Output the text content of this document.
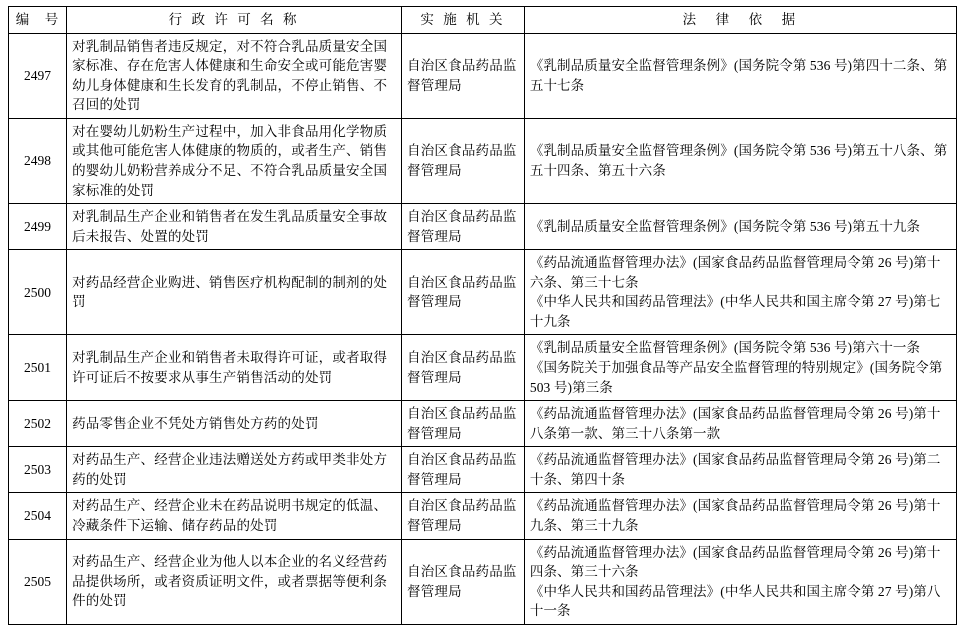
编　号	行 政 许 可 名 称	实 施 机 关	法　律　依　据
2497	对乳制品销售者违反规定，对不符合乳品质量安全国家标准、存在危害人体健康和生命安全或可能危害婴幼儿身体健康和生长发育的乳制品，不停止销售、不召回的处罚	自治区食品药品监督管理局	《乳制品质量安全监督管理条例》(国务院令第 536 号)第四十二条、第五十七条
2498	对在婴幼儿奶粉生产过程中，加入非食品用化学物质或其他可能危害人体健康的物质的，或者生产、销售的婴幼儿奶粉营养成分不足、不符合乳品质量安全国家标准的处罚	自治区食品药品监督管理局	《乳制品质量安全监督管理条例》(国务院令第 536 号)第五十八条、第五十四条、第五十六条
2499	对乳制品生产企业和销售者在发生乳品质量安全事故后未报告、处置的处罚	自治区食品药品监督管理局	《乳制品质量安全监督管理条例》(国务院令第 536 号)第五十九条
2500	对药品经营企业购进、销售医疗机构配制的制剂的处罚	自治区食品药品监督管理局	《药品流通监督管理办法》(国家食品药品监督管理局令第 26 号)第十六条、第三十七条
《中华人民共和国药品管理法》(中华人民共和国主席令第 27 号)第七十九条
2501	对乳制品生产企业和销售者未取得许可证，或者取得许可证后不按要求从事生产销售活动的处罚	自治区食品药品监督管理局	《乳制品质量安全监督管理条例》(国务院令第 536 号)第六十一条
《国务院关于加强食品等产品安全监督管理的特别规定》(国务院令第 503 号)第三条
2502	药品零售企业不凭处方销售处方药的处罚	自治区食品药品监督管理局	《药品流通监督管理办法》(国家食品药品监督管理局令第 26 号)第十八条第一款、第三十八条第一款
2503	对药品生产、经营企业违法赠送处方药或甲类非处方药的处罚	自治区食品药品监督管理局	《药品流通监督管理办法》(国家食品药品监督管理局令第 26 号)第二十条、第四十条
2504	对药品生产、经营企业未在药品说明书规定的低温、冷藏条件下运输、储存药品的处罚	自治区食品药品监督管理局	《药品流通监督管理办法》(国家食品药品监督管理局令第 26 号)第十九条、第三十九条
2505	对药品生产、经营企业为他人以本企业的名义经营药品提供场所，或者资质证明文件，或者票据等便利条件的处罚	自治区食品药品监督管理局	《药品流通监督管理办法》(国家食品药品监督管理局令第 26 号)第十四条、第三十六条
《中华人民共和国药品管理法》(中华人民共和国主席令第 27 号)第八十一条
